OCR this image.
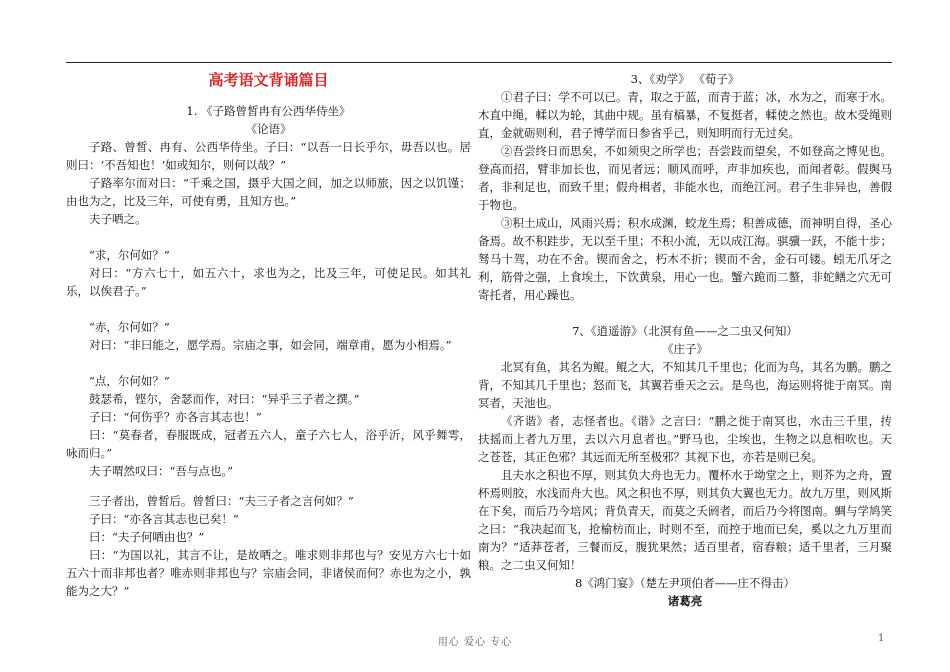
高考语文背诵篇目
1. 《子路曾皙冉有公西华侍坐》
《论语》

子路、曾皙、冉有、公西华侍坐。子曰：“以吾一日长乎尔，毋吾以也。居则曰：‘不吾知也！’如或知尔，则何以哉？”

子路率尔而对曰：“千乘之国，摄乎大国之间，加之以师旅，因之以饥馑；由也为之，比及三年，可使有勇，且知方也。”

夫子哂之。

“求，尔何如？”

对曰：“方六七十，如五六十，求也为之，比及三年，可使足民。如其礼乐，以俟君子。”

“赤，尔何如？”

对曰：“非曰能之，愿学焉。宗庙之事，如会同，端章甫，愿为小相焉。”

“点，尔何如？”

鼓瑟希，铿尔，舍瑟而作，对曰：“异乎三子者之撰。”

子曰：“何伤乎？亦各言其志也！”

曰：“莫春者，春服既成，冠者五六人，童子六七人，浴乎沂，风乎舞雩，咏而归。”

夫子喟然叹曰：“吾与点也。”

三子者出，曾皙后。曾皙曰：“夫三子者之言何如？”

子曰：“亦各言其志也已矣！”

曰：“夫子何哂由也？”

曰：“为国以礼，其言不让，是故哂之。唯求则非邦也与？安见方六七十如五六十而非邦也者？唯赤则非邦也与？宗庙会同，非诸侯而何？赤也为之小，孰能为之大？”

3、《劝学》 《荀子》

①君子曰：学不可以已。青，取之于蓝，而青于蓝；冰，水为之，而寒于水。木直中绳，輮以为轮，其曲中规。虽有槁暴，不复挺者，輮使之然也。故木受绳则直，金就砺则利，君子博学而日参省乎己，则知明而行无过矣。

②吾尝终日而思矣，不如须臾之所学也；吾尝跂而望矣，不如登高之博见也。登高而招，臂非加长也，而见者远；顺风而呼，声非加疾也，而闻者彰。假舆马者，非利足也，而致千里；假舟楫者，非能水也，而绝江河。君子生非异也，善假于物也。

③积土成山，风雨兴焉；积水成渊，蛟龙生焉；积善成德，而神明自得，圣心备焉。故不积跬步，无以至千里；不积小流，无以成江海。骐骥一跃，不能十步；驽马十驾，功在不舍。锲而舍之，朽木不折；锲而不舍，金石可镂。蚓无爪牙之利，筋骨之强，上食埃土，下饮黄泉，用心一也。蟹六跪而二螯，非蛇鳝之穴无可寄托者，用心躁也。

7、《逍遥游》（北溟有鱼——之二虫又何知）
《庄子》

北冥有鱼，其名为鲲。鲲之大，不知其几千里也；化而为鸟，其名为鹏。鹏之背，不知其几千里也；怒而飞，其翼若垂天之云。是鸟也，海运则将徙于南冥。南冥者，天池也。

《齐谐》者，志怪者也。《谐》之言曰：“鹏之徙于南冥也，水击三千里，抟扶摇而上者九万里，去以六月息者也。”野马也，尘埃也，生物之以息相吹也。天之苍苍，其正色邪？其远而无所至极邪？其视下也，亦若是则已矣。

且夫水之积也不厚，则其负大舟也无力。覆杯水于坳堂之上，则芥为之舟，置杯焉则胶，水浅而舟大也。风之积也不厚，则其负大翼也无力。故九万里，则风斯在下矣，而后乃今培风；背负青天，而莫之夭阏者，而后乃今将图南。蜩与学鸠笑之曰：“我决起而飞，抢榆枋而止，时则不至，而控于地而已矣，奚以之九万里而南为？”适莽苍者，三餐而反，腹犹果然；适百里者，宿舂粮；适千里者，三月聚粮。之二虫又何知！

8《鸿门宴》（楚左尹项伯者——庄不得击）
诸葛亮
用心 爱心 专心	1
